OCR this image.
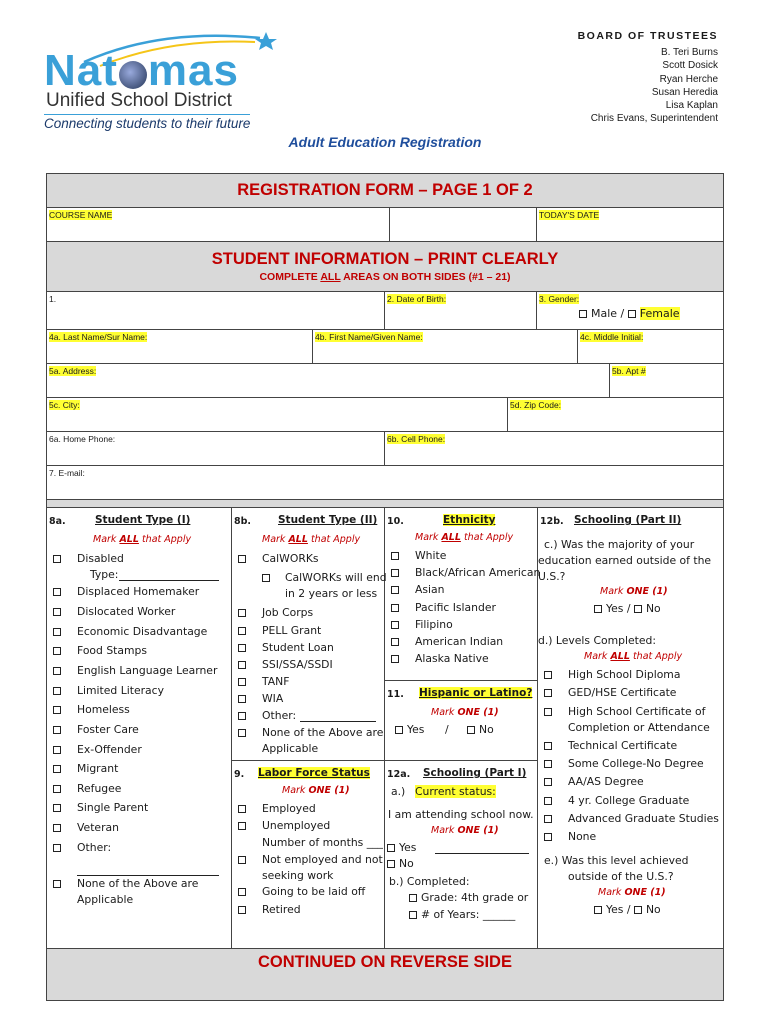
Nat mas
Unified School District
Connecting students to their future
BOARD OF TRUSTEES
B. Teri Burns
Scott Dosick
Ryan Herche
Susan Heredia
Lisa Kaplan
Chris Evans, Superintendent
Adult Education Registration
REGISTRATION FORM – PAGE 1 OF 2
COURSE NAME	TODAY'S DATE
STUDENT INFORMATION – PRINT CLEARLY
COMPLETE ALL AREAS ON BOTH SIDES (#1 – 21)
1.	2. Date of Birth:	3. Gender:
Male / Female
4a. Last Name/Sur Name:	4b. First Name/Given Name:	4c. Middle Initial:
5a. Address:	5b. Apt #
5c. City:	5d. Zip Code:
6a. Home Phone:	6b. Cell Phone:
7. E-mail:
8a.	Student Type (I)
Mark ALL that Apply
Disabled
Type:
Displaced Homemaker
Dislocated Worker
Economic Disadvantage
Food Stamps
English Language Learner
Limited Literacy
Homeless
Foster Care
Ex-Offender
Migrant
Refugee
Single Parent
Veteran
Other:
None of the Above are
Applicable
8b.	Student Type (II)
Mark ALL that Apply
CalWORKs
CalWORKs will end
in 2 years or less
Job Corps
PELL Grant
Student Loan
SSI/SSA/SSDI
TANF
WIA
Other:
None of the Above are
Applicable
9. Labor Force Status
Mark ONE (1)
Employed
Unemployed
Number of months ___
Not employed and not
seeking work
Going to be laid off
Retired
10.	Ethnicity
Mark ALL that Apply
White
Black/African American
Asian
Pacific Islander
Filipino
American Indian
Alaska Native
11. Hispanic or Latino?
Mark ONE (1)
Yes /	No
12a. Schooling (Part I)
a.) Current status:
I am attending school now.
Mark ONE (1)
Yes
No
b.) Completed:
Grade: 4th grade or
# of Years: ______
12b. Schooling (Part II)
c.) Was the majority of your
education earned outside of the
U.S.?
Mark ONE (1)
Yes / No
d.) Levels Completed:
Mark ALL that Apply
High School Diploma
GED/HSE Certificate
High School Certificate of
Completion or Attendance
Technical Certificate
Some College-No Degree
AA/AS Degree
4 yr. College Graduate
Advanced Graduate Studies
None
e.) Was this level achieved
outside of the U.S.?
Mark ONE (1)
Yes / No
CONTINUED ON REVERSE SIDE
